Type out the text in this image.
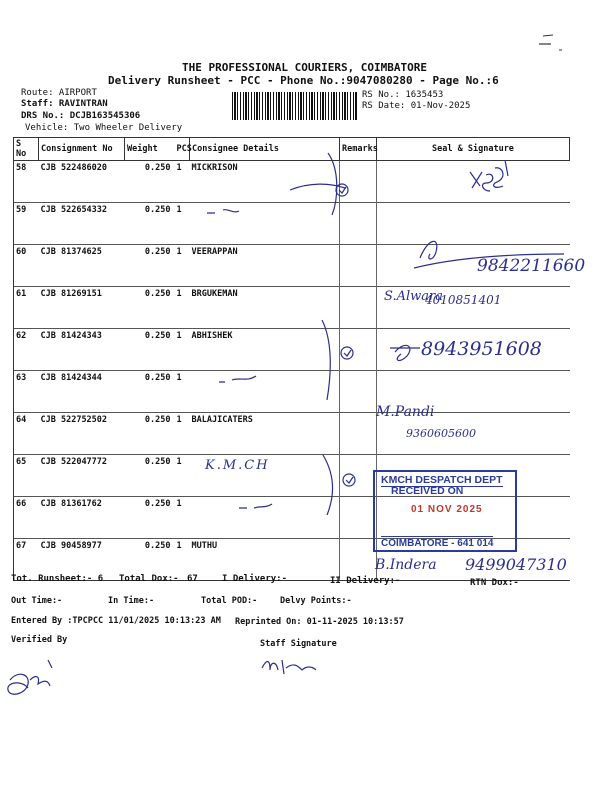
THE PROFESSIONAL COURIERS, COIMBATORE
Delivery Runsheet - PCC - Phone No.:9047080280 - Page No.:6
Route: AIRPORT
Staff: RAVINTRAN
DRS No.: DCJB163545306
Vehicle: Two Wheeler Delivery
RS No.: 1635453
RS Date: 01-Nov-2025
S No	Consignment No	Weight	PCS	Consignee Details	Remarks	Seal & Signature
58	CJB 522486020	0.250	1	MICKRISON		
59	CJB 522654332	0.250	1			
60	CJB 81374625	0.250	1	VEERAPPAN		
61	CJB 81269151	0.250	1	BRGUKEMAN		
62	CJB 81424343	0.250	1	ABHISHEK		
63	CJB 81424344	0.250	1			
64	CJB 522752502	0.250	1	BALAJICATERS		
65	CJB 522047772	0.250	1			
66	CJB 81361762	0.250	1			
67	CJB 90458977	0.250	1	MUTHU		
9842211660
S.Alwara
4010851401
8943951608
M.Pandi
9360605600
K.M.CH
B.Indera 9499047310
KMCH DESPATCH DEPT
RECEIVED ON
01 NOV 2025
COIMBATORE - 641 014
Tot. Runsheet:- 6 Total Dox:- 67	I Delivery:-	II Delivery:-	RTN Dox:-
Out Time:-	In Time:-	Total POD:-	Delvy Points:-
Entered By :TPCPCC 11/01/2025 10:13:23 AM Reprinted On: 01-11-2025 10:13:57
Verified By	Staff Signature
